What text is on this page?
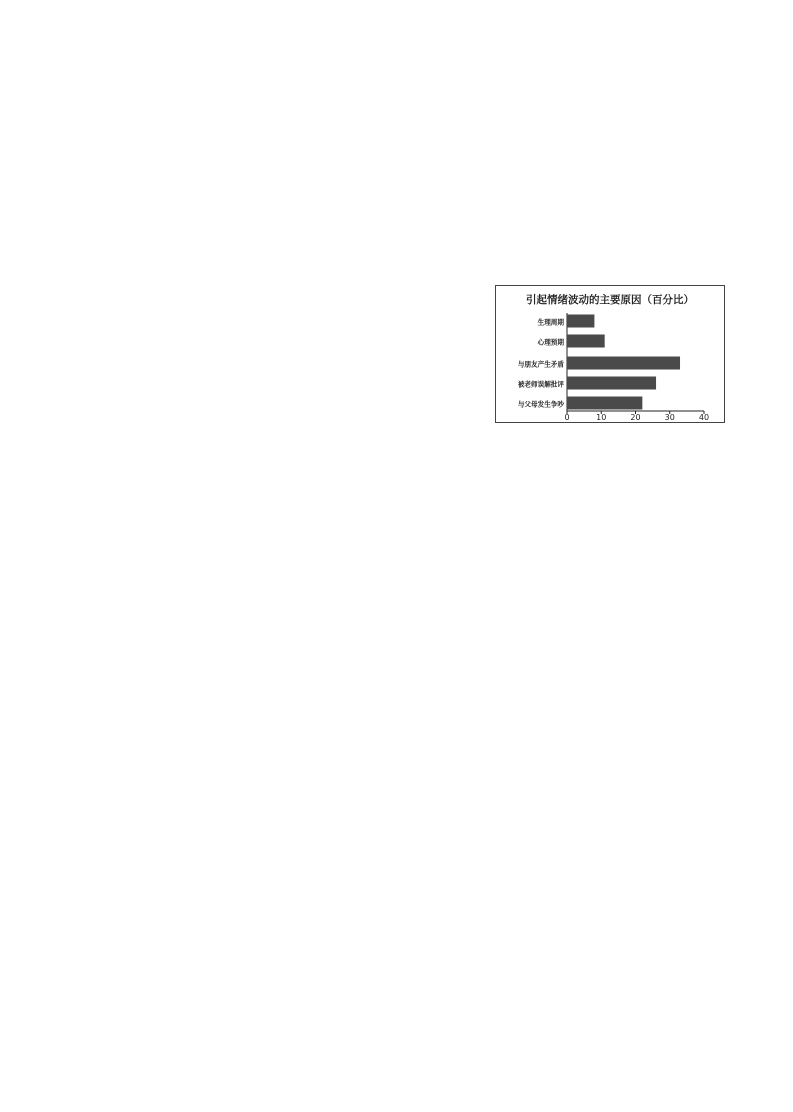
引起情绪波动的主要原因（百分比）
生理周期
心理预期
与朋友产生矛盾
被老师误解批评
与父母发生争吵
0	10	20	30	40
